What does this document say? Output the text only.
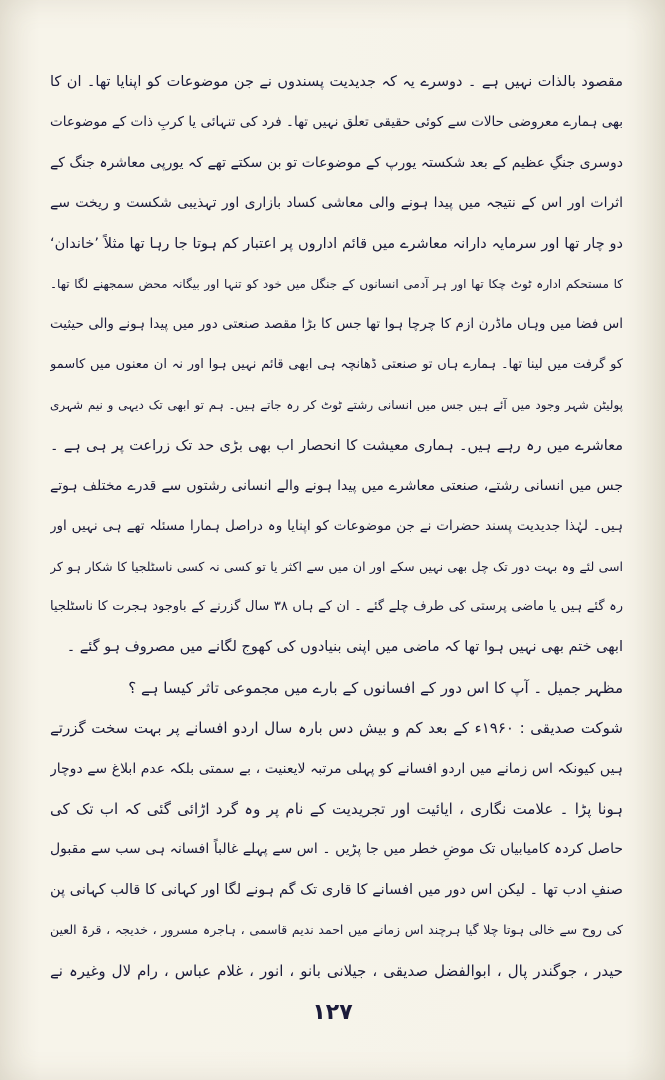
مقصود بالذات نہیں ہے ۔ دوسرے یہ کہ جدیدیت پسندوں نے جن موضوعات کو اپنایا تھا۔ ان کا
بھی ہمارے معروضی حالات سے کوئی حقیقی تعلق نہیں تھا۔ فرد کی تنہائی یا کربِ ذات کے موضوعات
دوسری جنگِ عظیم کے بعد شکستہ یورپ کے موضوعات تو بن سکتے تھے کہ یورپی معاشرہ جنگ کے
اثرات اور اس کے نتیجہ میں پیدا ہونے والی معاشی کساد بازاری اور تہذیبی شکست و ریخت سے
دو چار تھا اور سرمایہ دارانہ معاشرے میں قائم اداروں پر اعتبار کم ہوتا جا رہا تھا مثلاً ’خاندان‘
کا مستحکم ادارہ ٹوٹ چکا تھا اور ہر آدمی انسانوں کے جنگل میں خود کو تنہا اور بیگانہ محض سمجھنے لگا تھا۔
اس فضا میں وہاں ماڈرن ازم کا چرچا ہوا تھا جس کا بڑا مقصد صنعتی دور میں پیدا ہونے والی حیثیت
کو گرفت میں لینا تھا۔ ہمارے ہاں تو صنعتی ڈھانچہ ہی ابھی قائم نہیں ہوا اور نہ ان معنوں میں کاسمو
پولیٹن شہر وجود میں آئے ہیں جس میں انسانی رشتے ٹوٹ کر رہ جاتے ہیں۔ ہم تو ابھی تک دیہی و نیم شہری
معاشرے میں رہ رہے ہیں۔ ہماری معیشت کا انحصار اب بھی بڑی حد تک زراعت پر ہی ہے ۔
جس میں انسانی رشتے، صنعتی معاشرے میں پیدا ہونے والے انسانی رشتوں سے قدرے مختلف ہوتے
ہیں۔ لہٰذا جدیدیت پسند حضرات نے جن موضوعات کو اپنایا وہ دراصل ہمارا مسئلہ تھے ہی نہیں اور
اسی لئے وہ بہت دور تک چل بھی نہیں سکے اور ان میں سے اکثر یا تو کسی نہ کسی ناسٹلجیا کا شکار ہو کر
رہ گئے ہیں یا ماضی پرستی کی طرف چلے گئے ۔ ان کے ہاں ۳۸ سال گزرنے کے باوجود ہجرت کا ناسٹلجیا
ابھی ختم بھی نہیں ہوا تھا کہ ماضی میں اپنی بنیادوں کی کھوج لگانے میں مصروف ہو گئے ۔
مظہر جمیل ۔ آپ کا اس دور کے افسانوں کے بارے میں مجموعی تاثر کیسا ہے ؟
شوکت صدیقی : ۱۹۶۰ء کے بعد کم و بیش دس بارہ سال اردو افسانے پر بہت سخت گزرتے
ہیں کیونکہ اس زمانے میں اردو افسانے کو پہلی مرتبہ لایعنیت ، بے سمتی بلکہ عدم ابلاغ سے دوچار
ہونا پڑا ۔ علامت نگاری ، ایائیت اور تجریدیت کے نام پر وہ گرد اڑائی گئی کہ اب تک کی
حاصل کردہ کامیابیاں تک موضِ خطر میں جا پڑیں ۔ اس سے پہلے غالباً افسانہ ہی سب سے مقبول
صنفِ ادب تھا ۔ لیکن اس دور میں افسانے کا قاری تک گم ہونے لگا اور کہانی کا قالب کہانی پن
کی روح سے خالی ہوتا چلا گیا ہرچند اس زمانے میں احمد ندیم قاسمی ، ہاجرہ مسرور ، خدیجہ ، قرۃ العین
حیدر ، جوگندر پال ، ابوالفضل صدیقی ، جیلانی بانو ، انور ، غلام عباس ، رام لال وغیرہ نے
۱۲۷
